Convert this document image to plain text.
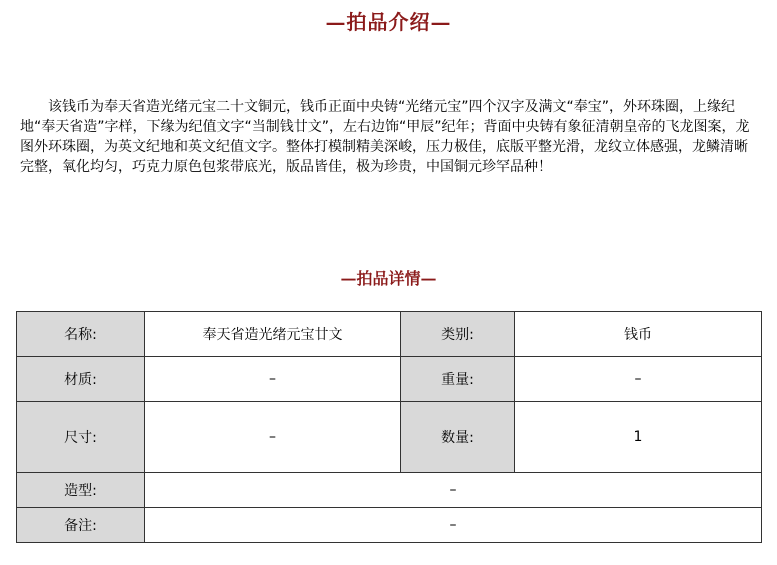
—拍品介绍—

该钱币为奉天省造光绪元宝二十文铜元，钱币正面中央铸“光绪元宝”四个汉字及满文“奉宝”，外环珠圈，上缘纪地“奉天省造”字样，下缘为纪值文字“当制钱廿文”，左右边饰“甲辰”纪年；背面中央铸有象征清朝皇帝的飞龙图案，龙图外环珠圈，为英文纪地和英文纪值文字。整体打模制精美深峻，压力极佳，底版平整光滑，龙纹立体感强，龙鳞清晰完整，氧化均匀，巧克力原色包浆带底光，版品皆佳，极为珍贵，中国铜元珍罕品种！

—拍品详情—
名称:	奉天省造光绪元宝廿文	类别:	钱币
材质:	–	重量:	–
尺寸:	–	数量:	1
造型:	–		
备注:	–		
